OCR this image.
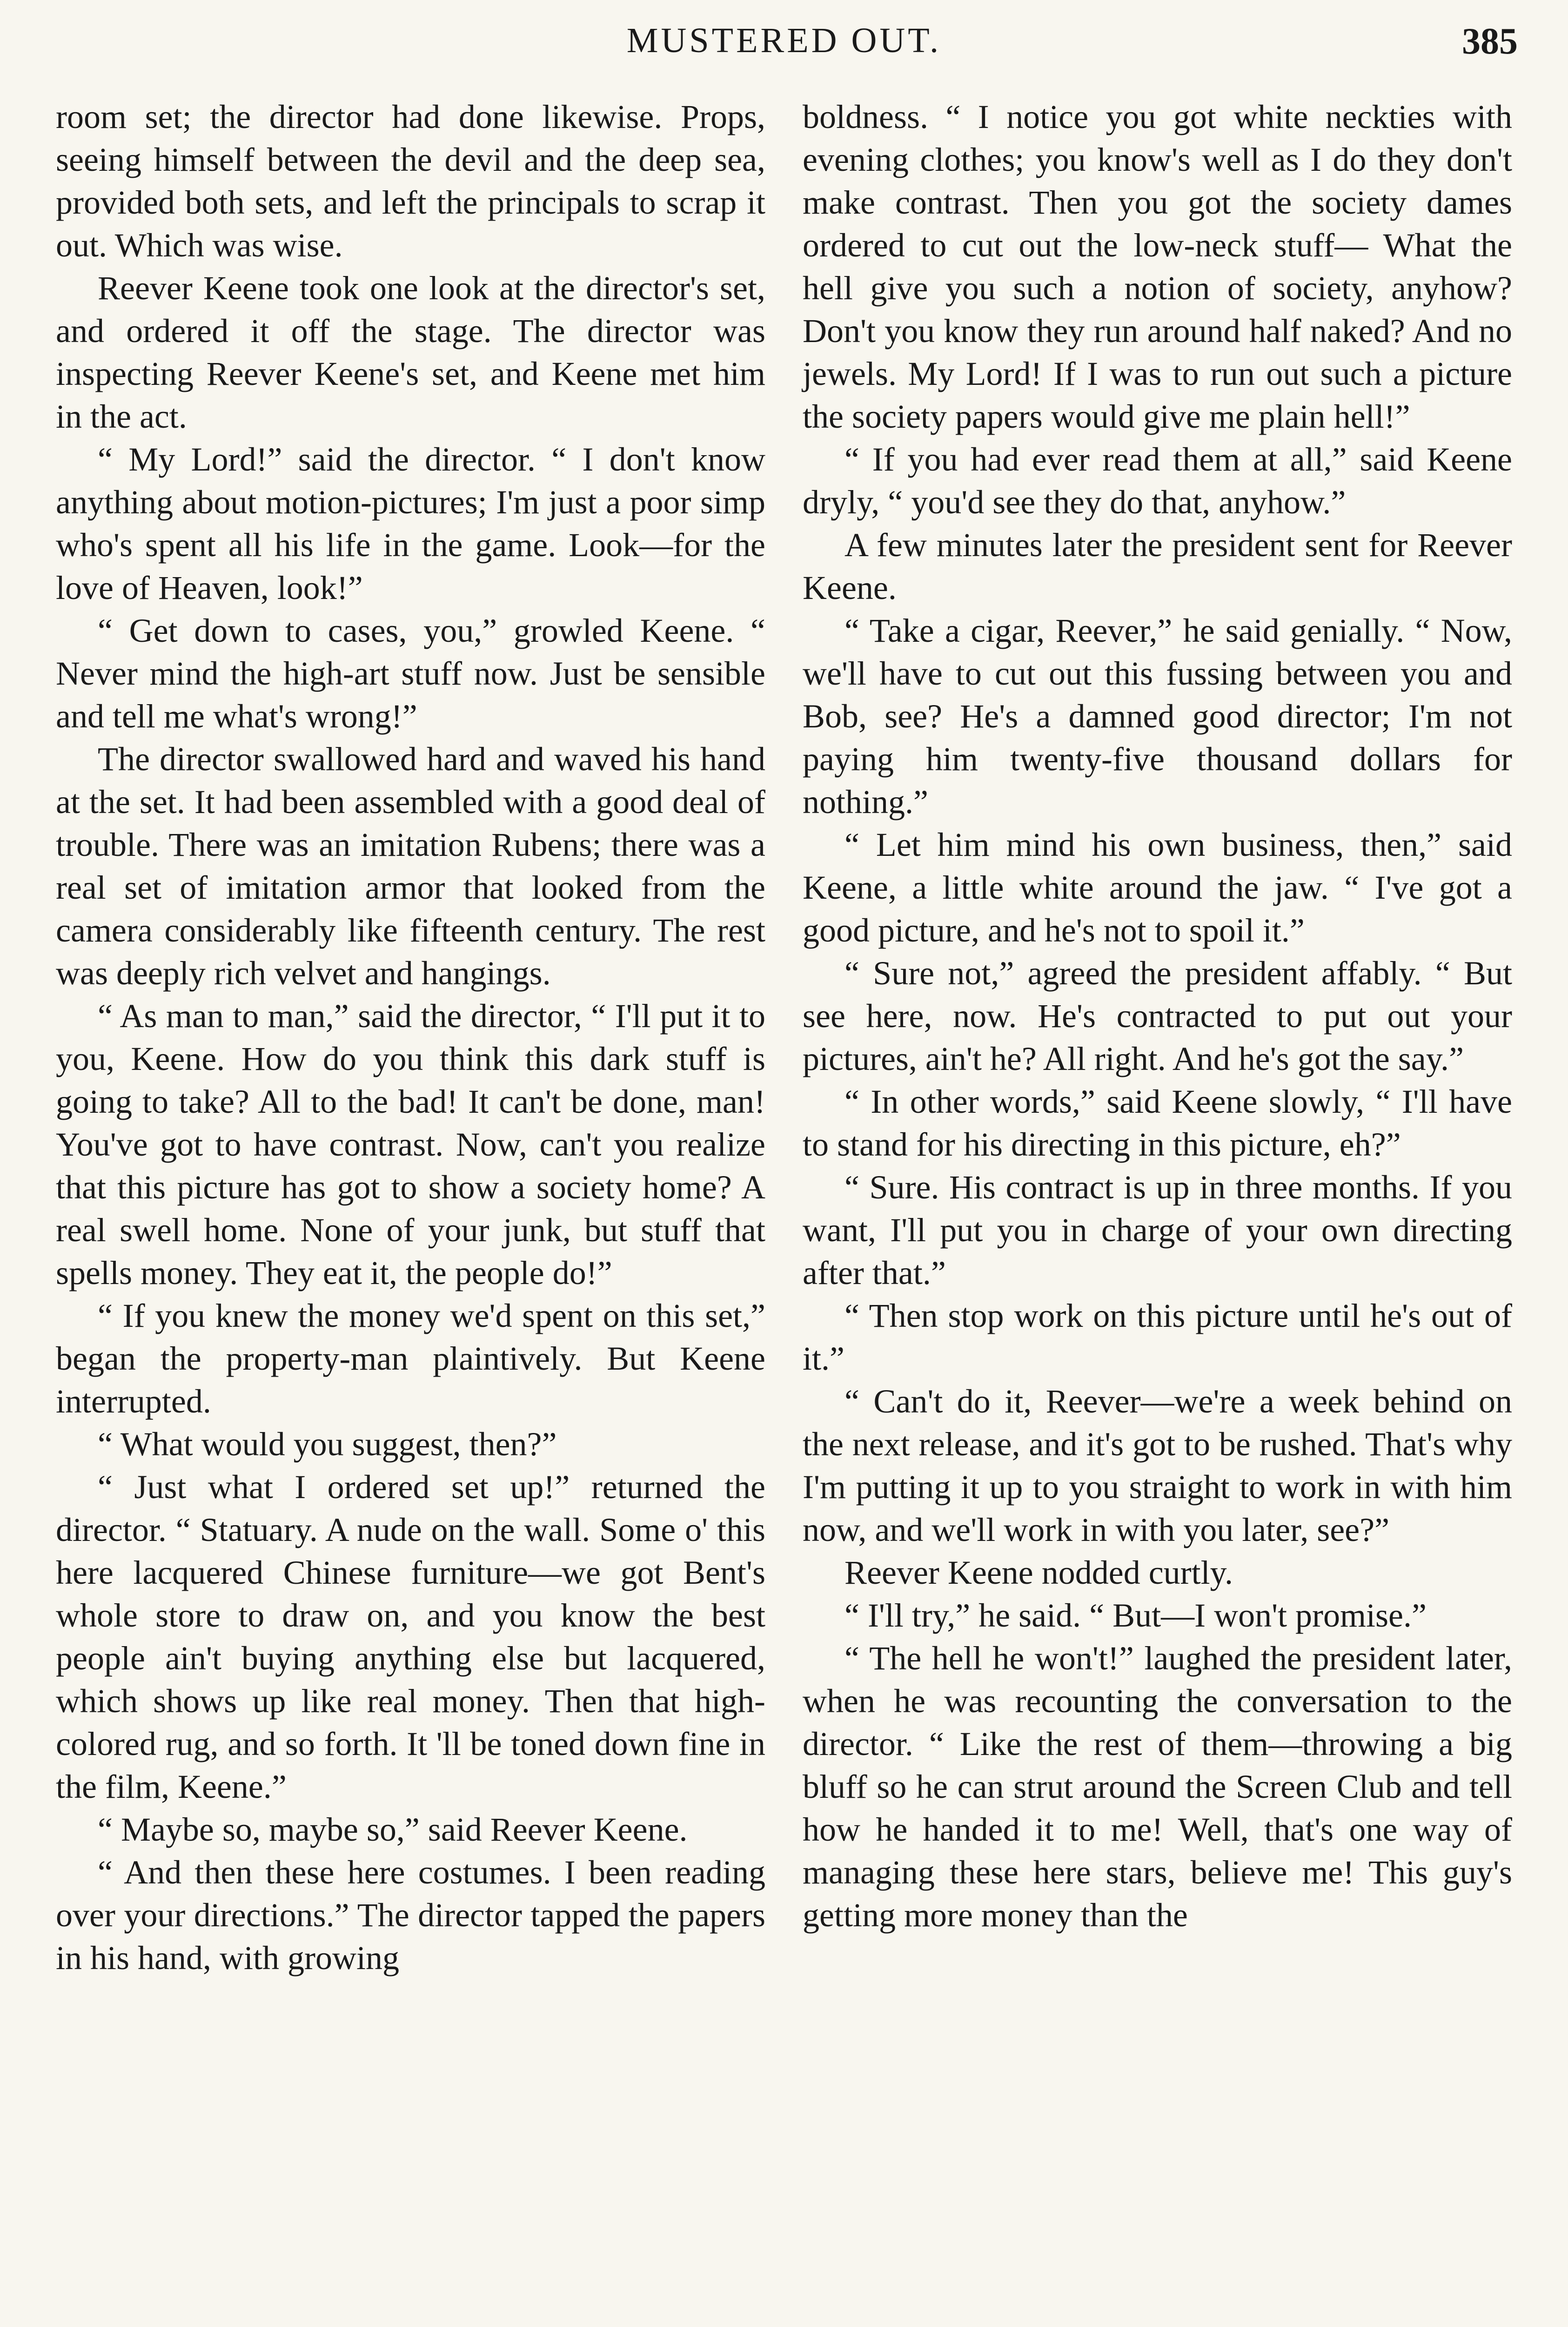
MUSTERED OUT.	385

room set; the director had done likewise. Props, seeing himself between the devil and the deep sea, provided both sets, and left the principals to scrap it out. Which was wise.

Reever Keene took one look at the director's set, and ordered it off the stage. The director was inspecting Reever Keene's set, and Keene met him in the act.

“ My Lord!” said the director. “ I don't know anything about motion-pictures; I'm just a poor simp who's spent all his life in the game. Look—for the love of Heaven, look!”

“ Get down to cases, you,” growled Keene. “ Never mind the high-art stuff now. Just be sensible and tell me what's wrong!”

The director swallowed hard and waved his hand at the set. It had been assembled with a good deal of trouble. There was an imitation Rubens; there was a real set of imitation armor that looked from the camera considerably like fifteenth century. The rest was deeply rich velvet and hangings.

“ As man to man,” said the director, “ I'll put it to you, Keene. How do you think this dark stuff is going to take? All to the bad! It can't be done, man! You've got to have contrast. Now, can't you realize that this picture has got to show a society home? A real swell home. None of your junk, but stuff that spells money. They eat it, the people do!”

“ If you knew the money we'd spent on this set,” began the property-man plaintively. But Keene interrupted.

“ What would you suggest, then?”

“ Just what I ordered set up!” returned the director. “ Statuary. A nude on the wall. Some o' this here lacquered Chinese furniture—we got Bent's whole store to draw on, and you know the best people ain't buying anything else but lacquered, which shows up like real money. Then that high-colored rug, and so forth. It 'll be toned down fine in the film, Keene.”

“ Maybe so, maybe so,” said Reever Keene.

“ And then these here costumes. I been reading over your directions.” The director tapped the papers in his hand, with growing

boldness. “ I notice you got white neckties with evening clothes; you know's well as I do they don't make contrast. Then you got the society dames ordered to cut out the low-neck stuff— What the hell give you such a notion of society, anyhow? Don't you know they run around half naked? And no jewels. My Lord! If I was to run out such a picture the society papers would give me plain hell!”

“ If you had ever read them at all,” said Keene dryly, “ you'd see they do that, anyhow.”

A few minutes later the president sent for Reever Keene.

“ Take a cigar, Reever,” he said genially. “ Now, we'll have to cut out this fussing between you and Bob, see? He's a damned good director; I'm not paying him twenty-five thousand dollars for nothing.”

“ Let him mind his own business, then,” said Keene, a little white around the jaw. “ I've got a good picture, and he's not to spoil it.”

“ Sure not,” agreed the president affably. “ But see here, now. He's contracted to put out your pictures, ain't he? All right. And he's got the say.”

“ In other words,” said Keene slowly, “ I'll have to stand for his directing in this picture, eh?”

“ Sure. His contract is up in three months. If you want, I'll put you in charge of your own directing after that.”

“ Then stop work on this picture until he's out of it.”

“ Can't do it, Reever—we're a week behind on the next release, and it's got to be rushed. That's why I'm putting it up to you straight to work in with him now, and we'll work in with you later, see?”

Reever Keene nodded curtly.

“ I'll try,” he said. “ But—I won't promise.”

“ The hell he won't!” laughed the president later, when he was recounting the conversation to the director. “ Like the rest of them—throwing a big bluff so he can strut around the Screen Club and tell how he handed it to me! Well, that's one way of managing these here stars, believe me! This guy's getting more money than the
